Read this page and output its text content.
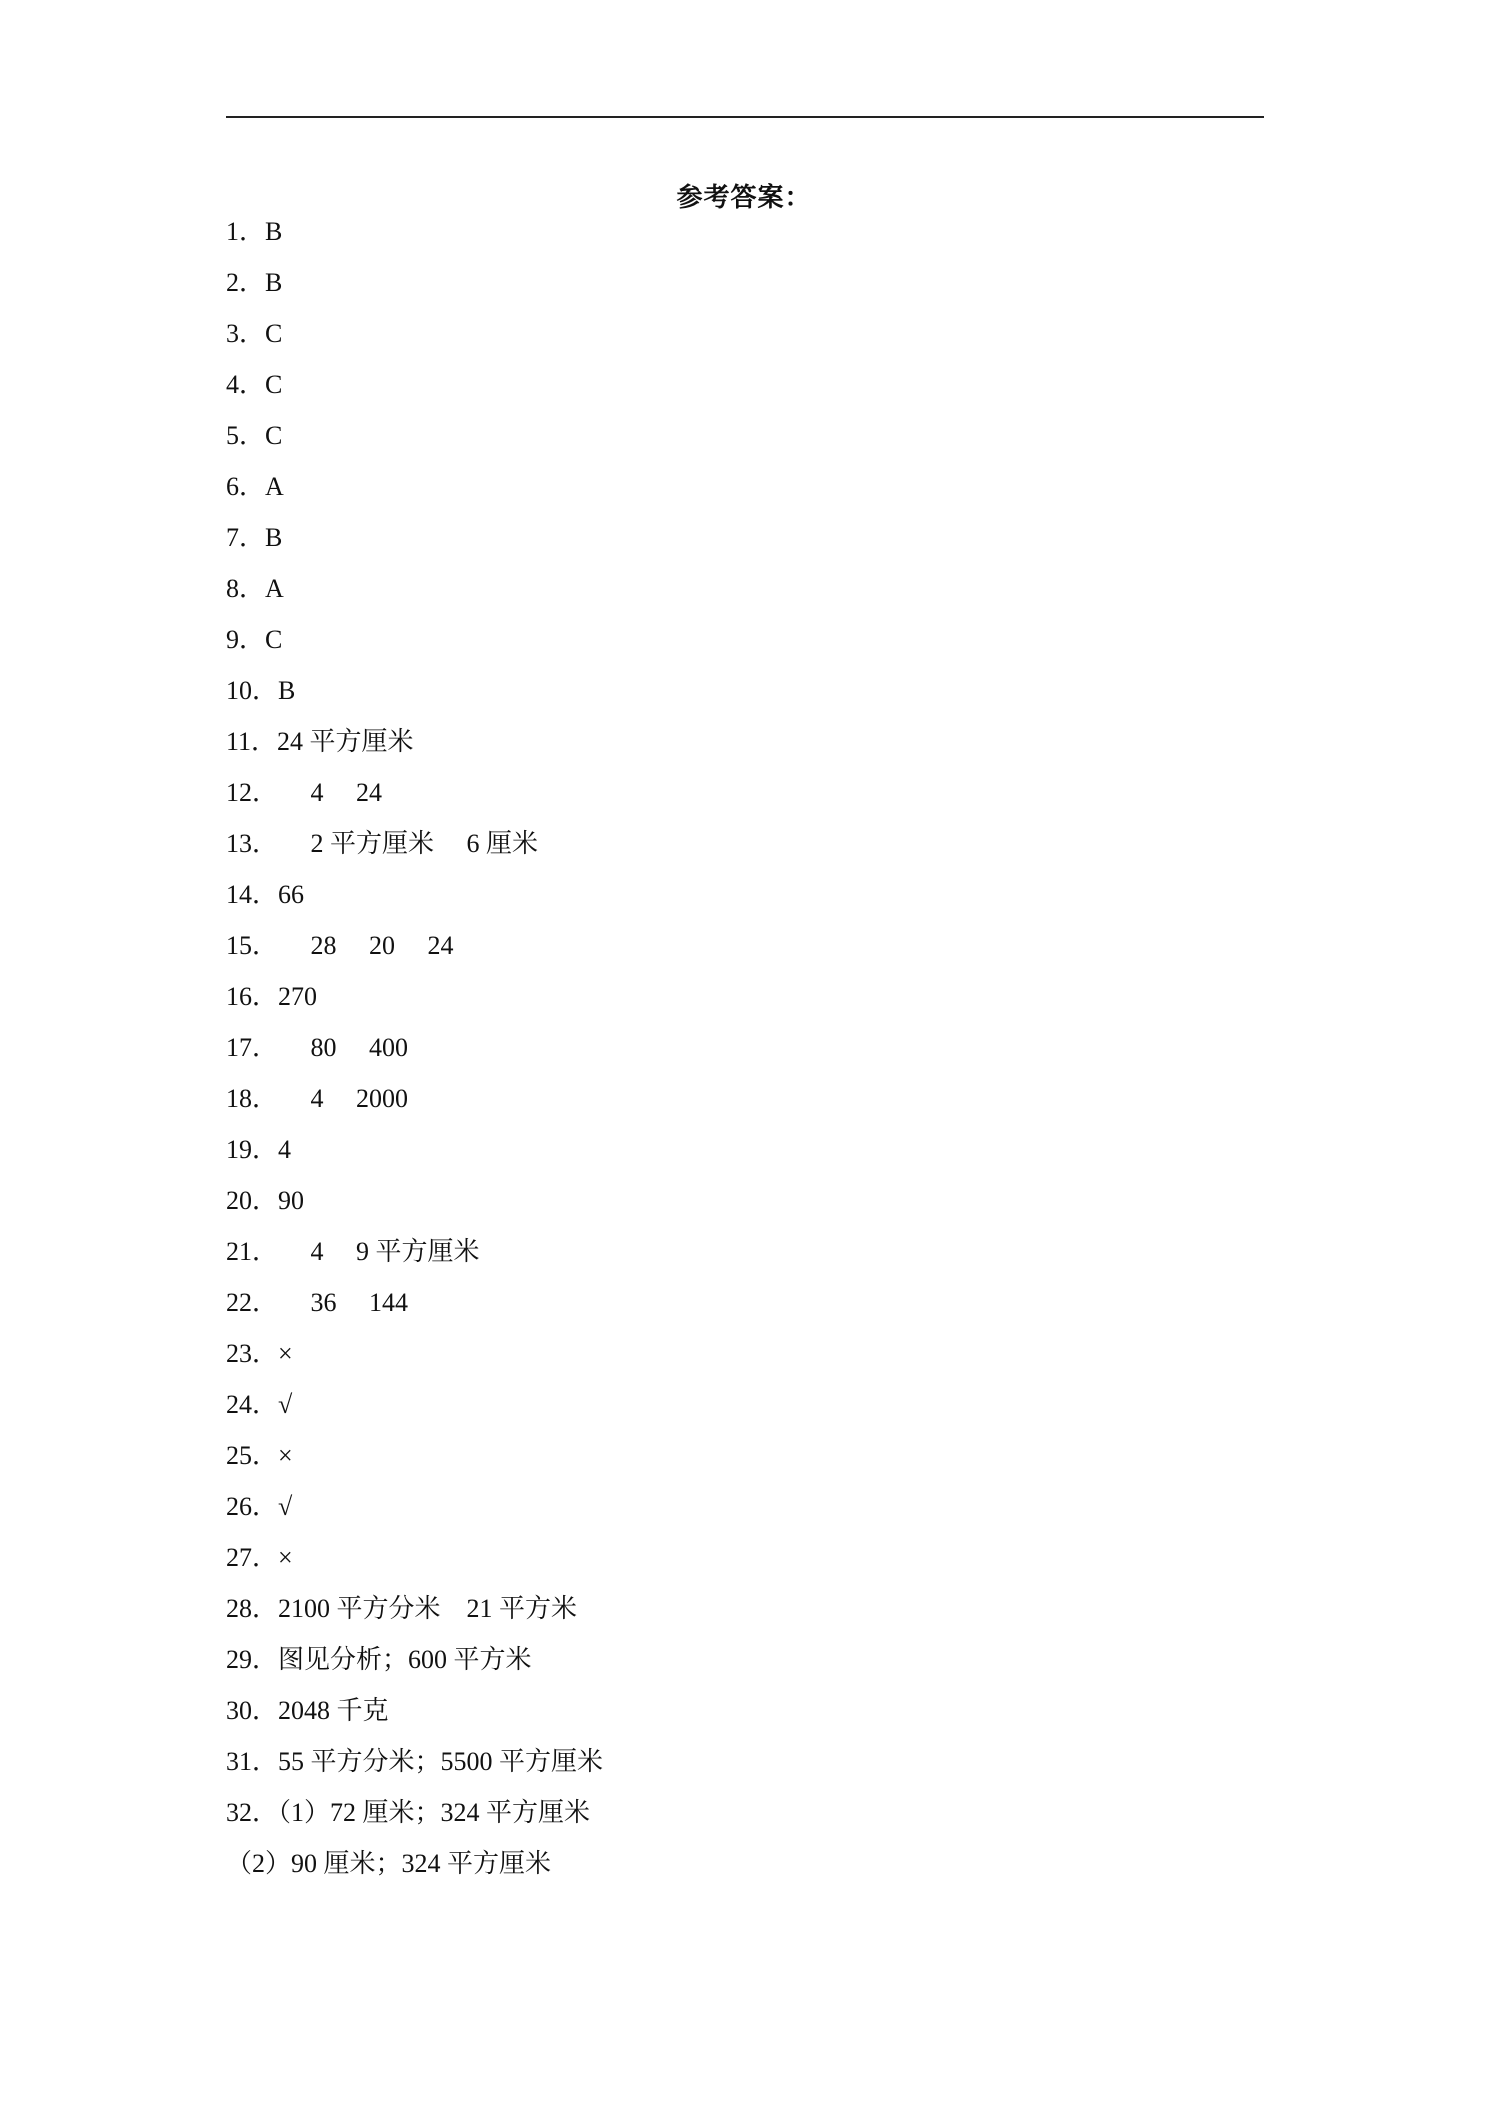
参考答案：
1．B
2．B
3．C
4．C
5．C
6．A
7．B
8．A
9．C
10．B
11．24 平方厘米
12．     4     24
13．     2 平方厘米     6 厘米
14．66
15．     28     20     24
16．270
17．     80     400
18．     4     2000
19．4
20．90
21．     4     9 平方厘米
22．     36     144
23．×
24．√
25．×
26．√
27．×
28．2100 平方分米    21 平方米
29．图见分析；600 平方米
30．2048 千克
31．55 平方分米；5500 平方厘米
32．（1）72 厘米；324 平方厘米
（2）90 厘米；324 平方厘米
